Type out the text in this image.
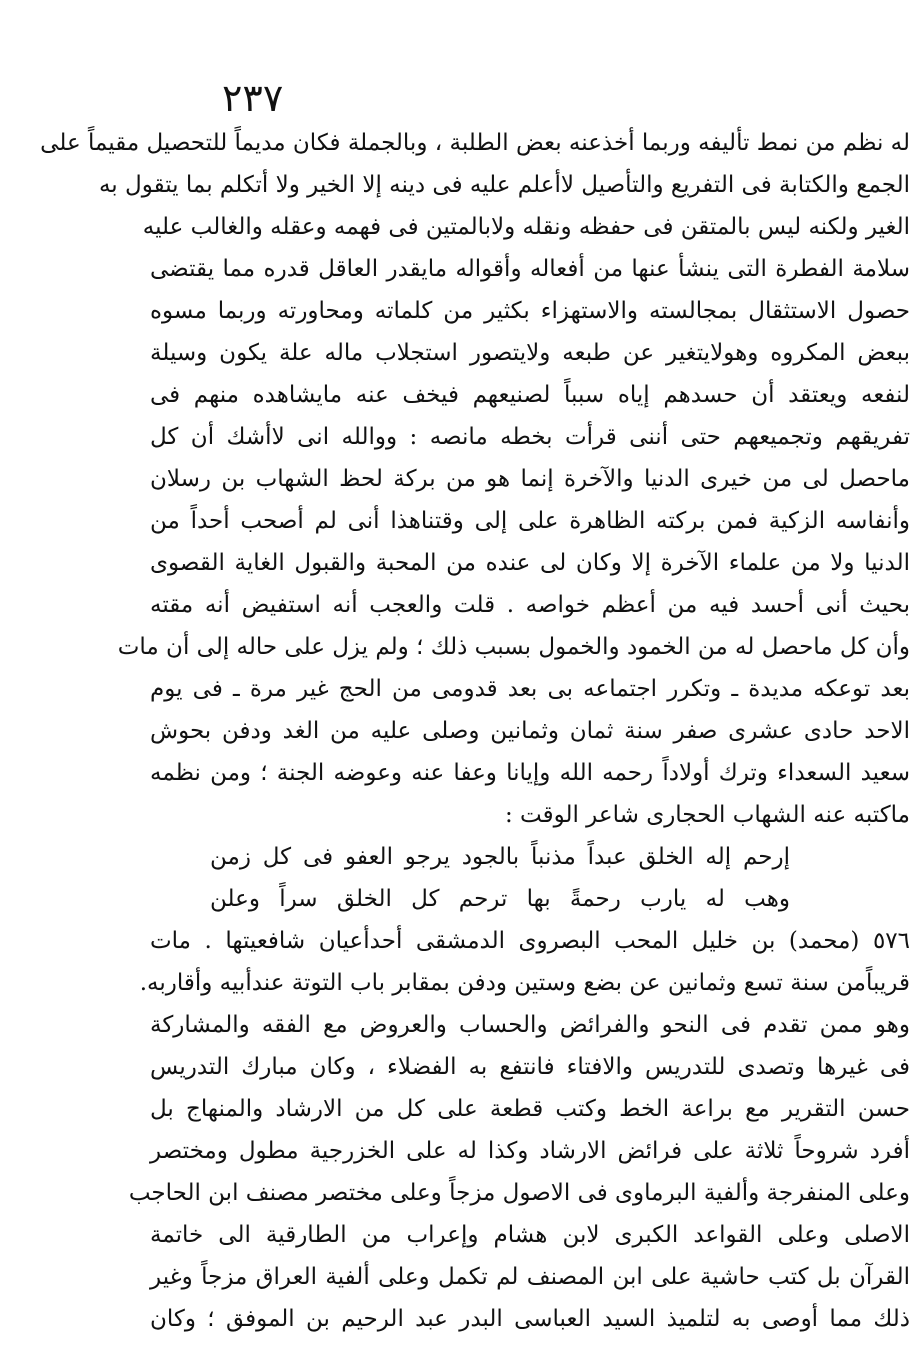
٢٣٧
له نظم من نمط تأليفه وربما أخذعنه بعض الطلبة ، وبالجملة فكان مديماً للتحصيل مقيماً على
الجمع والكتابة فى التفريع والتأصيل لاأعلم عليه فى دينه إلا الخير ولا أتكلم بما يتقول به
الغير ولكنه ليس بالمتقن فى حفظه ونقله ولابالمتين فى فهمه وعقله والغالب عليه
سلامة الفطرة التى ينشأ عنها من أفعاله وأقواله مايقدر العاقل قدره مما يقتضى
حصول الاستثقال بمجالسته والاستهزاء بكثير من كلماته ومحاورته وربما مسوه
ببعض المكروه وهولايتغير عن طبعه ولايتصور استجلاب ماله علة يكون وسيلة
لنفعه ويعتقد أن حسدهم إياه سبباً لصنيعهم فيخف عنه مايشاهده منهم فى
تفريقهم وتجميعهم حتى أننى قرأت بخطه مانصه : ووالله انى لاأشك أن كل
ماحصل لى من خيرى الدنيا والآخرة إنما هو من بركة لحظ الشهاب بن رسلان
وأنفاسه الزكية فمن بركته الظاهرة على إلى وقتناهذا أنى لم أصحب أحداً من
الدنيا ولا من علماء الآخرة إلا وكان لى عنده من المحبة والقبول الغاية القصوى
بحيث أنى أحسد فيه من أعظم خواصه . قلت والعجب أنه استفيض أنه مقته
وأن كل ماحصل له من الخمود والخمول بسبب ذلك ؛ ولم يزل على حاله إلى أن مات
بعد توعكه مديدة ـ وتكرر اجتماعه بى بعد قدومى من الحج غير مرة ـ فى يوم
الاحد حادى عشرى صفر سنة ثمان وثمانين وصلى عليه من الغد ودفن بحوش
سعيد السعداء وترك أولاداً رحمه الله وإيانا وعفا عنه وعوضه الجنة ؛ ومن نظمه
ماكتبه عنه الشهاب الحجارى شاعر الوقت :
إرحم إله الخلق عبداً مذنباً بالجود يرجو العفو فى كل زمن
وهب له يارب رحمةً بها ترحم كل الخلق سراً وعلن
٥٧٦ (محمد) بن خليل المحب البصروى الدمشقى أحدأعيان شافعيتها . مات
قريباًمن سنة تسع وثمانين عن بضع وستين ودفن بمقابر باب التوتة عندأبيه وأقاربه.
وهو ممن تقدم فى النحو والفرائض والحساب والعروض مع الفقه والمشاركة
فى غيرها وتصدى للتدريس والافتاء فانتفع به الفضلاء ، وكان مبارك التدريس
حسن التقرير مع براعة الخط وكتب قطعة على كل من الارشاد والمنهاج بل
أفرد شروحاً ثلاثة على فرائض الارشاد وكذا له على الخزرجية مطول ومختصر
وعلى المنفرجة وألفية البرماوى فى الاصول مزجاً وعلى مختصر مصنف ابن الحاجب
الاصلى وعلى القواعد الكبرى لابن هشام وإعراب من الطارقية الى خاتمة
القرآن بل كتب حاشية على ابن المصنف لم تكمل وعلى ألفية العراق مزجاً وغير
ذلك مما أوصى به لتلميذ السيد العباسى البدر عبد الرحيم بن الموفق ؛ وكان
